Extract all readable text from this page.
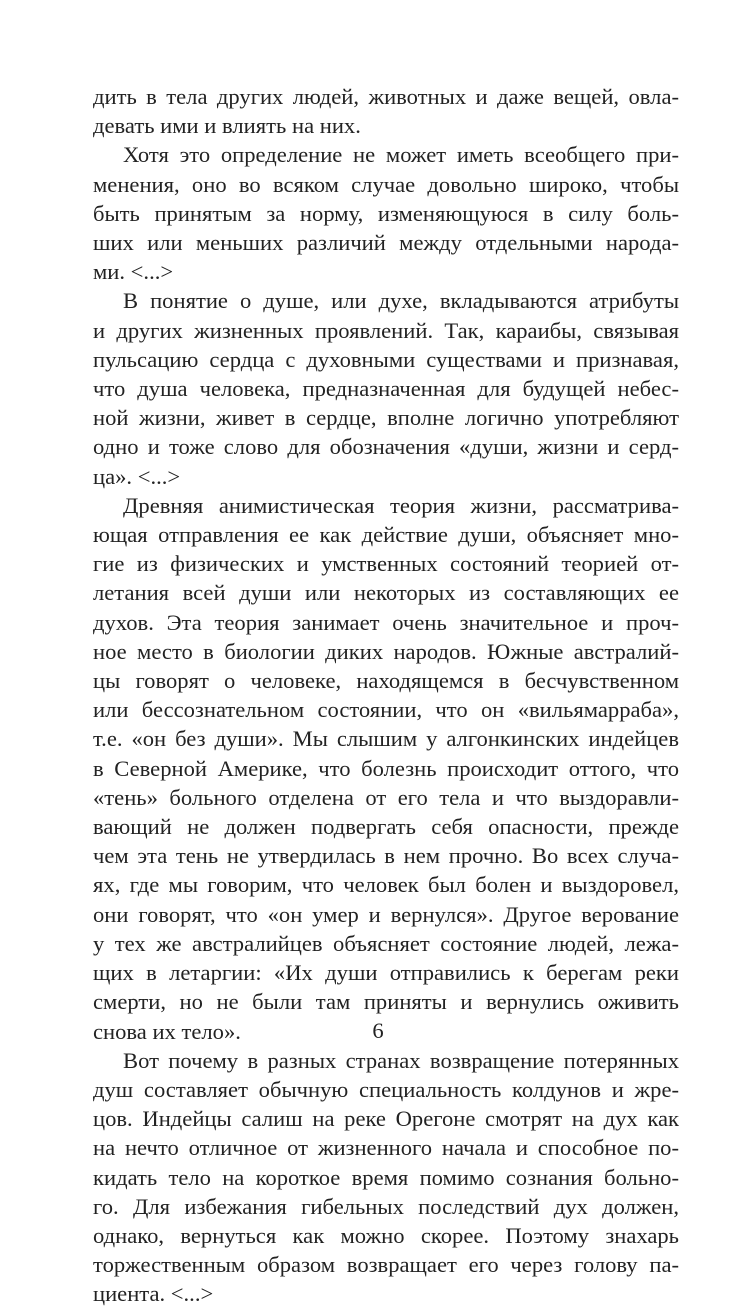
дить в тела других людей, животных и даже вещей, овла-
девать ими и влиять на них.
Хотя это определение не может иметь всеобщего при-
менения, оно во всяком случае довольно широко, чтобы
быть принятым за норму, изменяющуюся в силу боль-
ших или меньших различий между отдельными народа-
ми. <...>
В понятие о душе, или духе, вкладываются атрибуты
и других жизненных проявлений. Так, карaибы, связывая
пульсацию сердца с духовными существами и признавая,
что душа человека, предназначенная для будущей небес-
ной жизни, живет в сердце, вполне логично употребляют
одно и тоже слово для обозначения «души, жизни и серд-
ца». <...>
Древняя анимистическая теория жизни, рассматрива-
ющая отправления ее как действие души, объясняет мно-
гие из физических и умственных состояний теорией от-
летания всей души или некоторых из составляющих ее
духов. Эта теория занимает очень значительное и проч-
ное место в биологии диких народов. Южные австралий-
цы говорят о человеке, находящемся в бесчувственном
или бессознательном состоянии, что он «вильямарраба»,
т.е. «он без души». Мы слышим у алгонкинских индейцев
в Северной Америке, что болезнь происходит оттого, что
«тень» больного отделена от его тела и что выздоравли-
вающий не должен подвергать себя опасности, прежде
чем эта тень не утвердилась в нем прочно. Во всех случа-
ях, где мы говорим, что человек был болен и выздоровел,
они говорят, что «он умер и вернулся». Другое верование
у тех же австралийцев объясняет состояние людей, лежа-
щих в летаргии: «Их души отправились к берегам реки
смерти, но не были там приняты и вернулись оживить
снова их тело».
Вот почему в разных странах возвращение потерянных
душ составляет обычную специальность колдунов и жре-
цов. Индейцы салиш на реке Орегоне смотрят на дух как
на нечто отличное от жизненного начала и способное по-
кидать тело на короткое время помимо сознания больно-
го. Для избежания гибельных последствий дух должен,
однако, вернуться как можно скорее. Поэтому знахарь
торжественным образом возвращает его через голову па-
циента. <...>
6
